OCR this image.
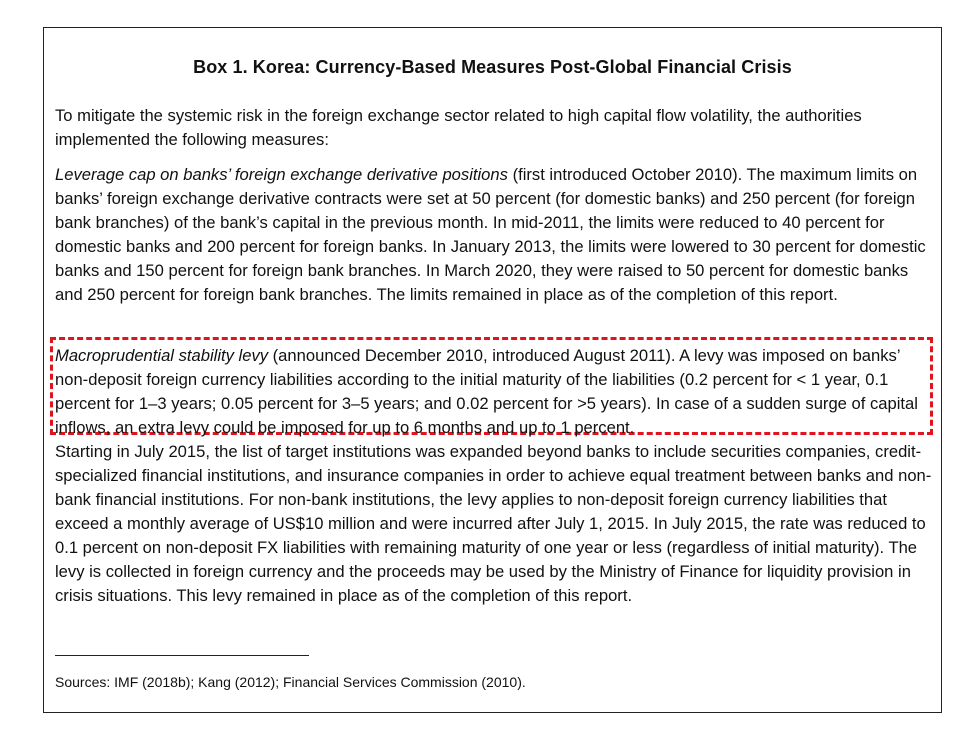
Box 1. Korea: Currency-Based Measures Post-Global Financial Crisis

To mitigate the systemic risk in the foreign exchange sector related to high capital flow volatility, the authorities implemented the following measures:

Leverage cap on banks’ foreign exchange derivative positions (first introduced October 2010). The maximum limits on banks’ foreign exchange derivative contracts were set at 50 percent (for domestic banks) and 250 percent (for foreign bank branches) of the bank’s capital in the previous month. In mid-2011, the limits were reduced to 40 percent for domestic banks and 200 percent for foreign banks. In January 2013, the limits were lowered to 30 percent for domestic banks and 150 percent for foreign bank branches. In March 2020, they were raised to 50 percent for domestic banks and 250 percent for foreign bank branches. The limits remained in place as of the completion of this report.

Macroprudential stability levy (announced December 2010, introduced August 2011). A levy was imposed on banks’ non-deposit foreign currency liabilities according to the initial maturity of the liabilities (0.2 percent for < 1 year, 0.1 percent for 1–3 years; 0.05 percent for 3–5 years; and 0.02 percent for >5 years). In case of a sudden surge of capital inflows, an extra levy could be imposed for up to 6 months and up to 1 percent.

Starting in July 2015, the list of target institutions was expanded beyond banks to include securities companies, credit-specialized financial institutions, and insurance companies in order to achieve equal treatment between banks and non-bank financial institutions. For non-bank institutions, the levy applies to non-deposit foreign currency liabilities that exceed a monthly average of US$10 million and were incurred after July 1, 2015. In July 2015, the rate was reduced to 0.1 percent on non-deposit FX liabilities with remaining maturity of one year or less (regardless of initial maturity). The levy is collected in foreign currency and the proceeds may be used by the Ministry of Finance for liquidity provision in crisis situations. This levy remained in place as of the completion of this report.

Sources: IMF (2018b); Kang (2012); Financial Services Commission (2010).
